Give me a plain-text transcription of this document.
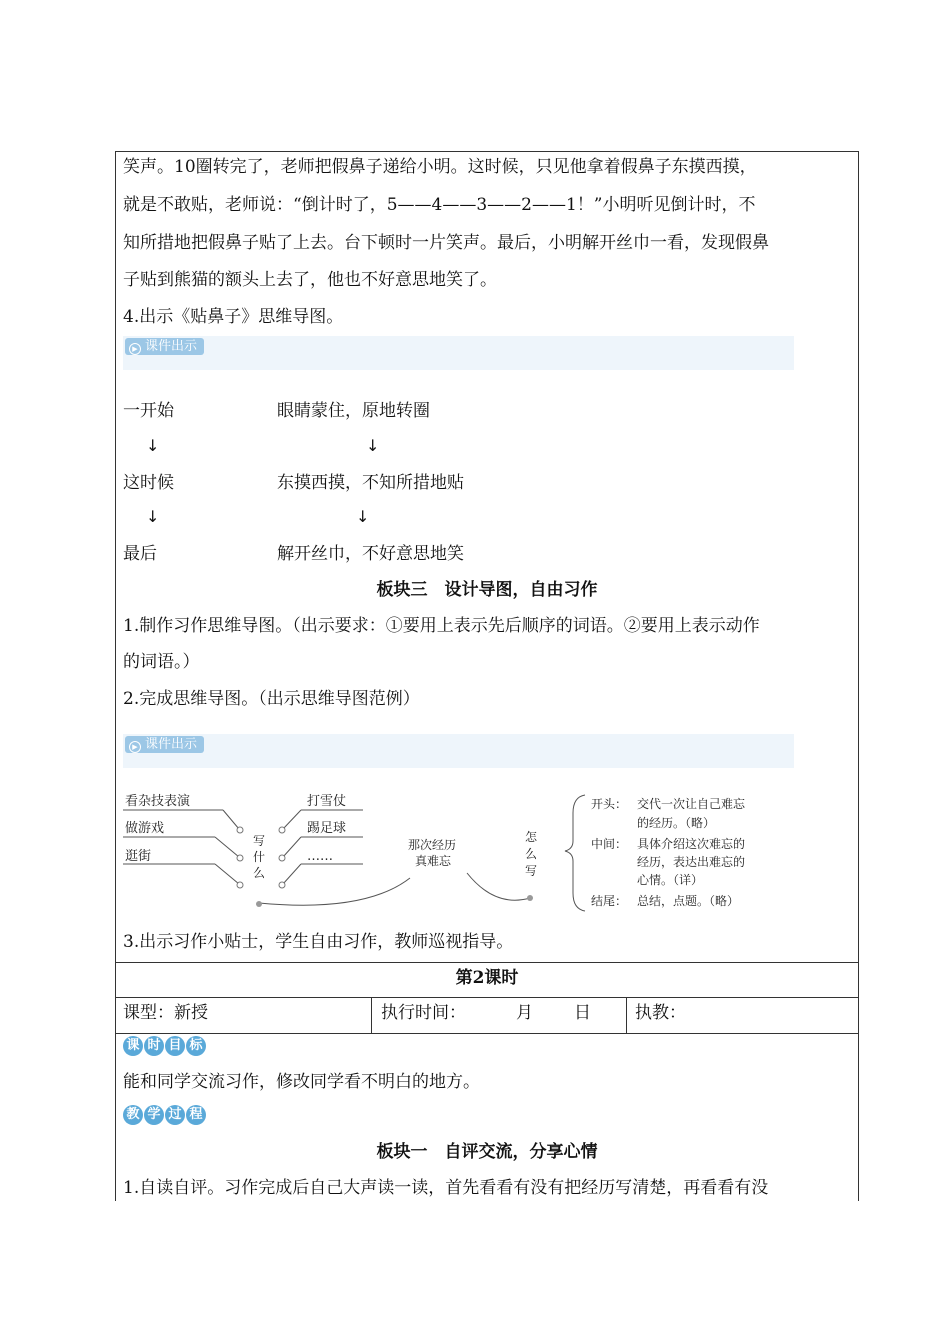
笑声。10圈转完了，老师把假鼻子递给小明。这时候，只见他拿着假鼻子东摸西摸，
就是不敢贴，老师说：“倒计时了，5——4——3——2——1！”小明听见倒计时，不
知所措地把假鼻子贴了上去。台下顿时一片笑声。最后，小明解开丝巾一看，发现假鼻
子贴到熊猫的额头上去了，他也不好意思地笑了。
4.出示《贴鼻子》思维导图。
▶ 课件出示
一开始	眼睛蒙住，原地转圈
↓	↓
这时候	东摸西摸，不知所措地贴
↓	↓
最后	解开丝巾，不好意思地笑
板块三　设计导图，自由习作
1.制作习作思维导图。（出示要求：①要用上表示先后顺序的词语。②要用上表示动作
的词语。）
2.完成思维导图。（出示思维导图范例）
▶ 课件出示
看杂技表演
做游戏
逛街
写
什
么
打雪仗
踢足球
……
那次经历
真难忘
怎
么
写
开头： 交代一次让自己难忘
的经历。（略）
中间： 具体介绍这次难忘的
经历，表达出难忘的
心情。（详）
结尾： 总结，点题。（略）
3.出示习作小贴士，学生自由习作，教师巡视指导。
第2课时
课型：新授	执行时间：	月 日	执教：
课 时 目 标
能和同学交流习作，修改同学看不明白的地方。
教 学 过 程
板块一　自评交流，分享心情
1.自读自评。习作完成后自己大声读一读，首先看看有没有把经历写清楚，再看看有没
